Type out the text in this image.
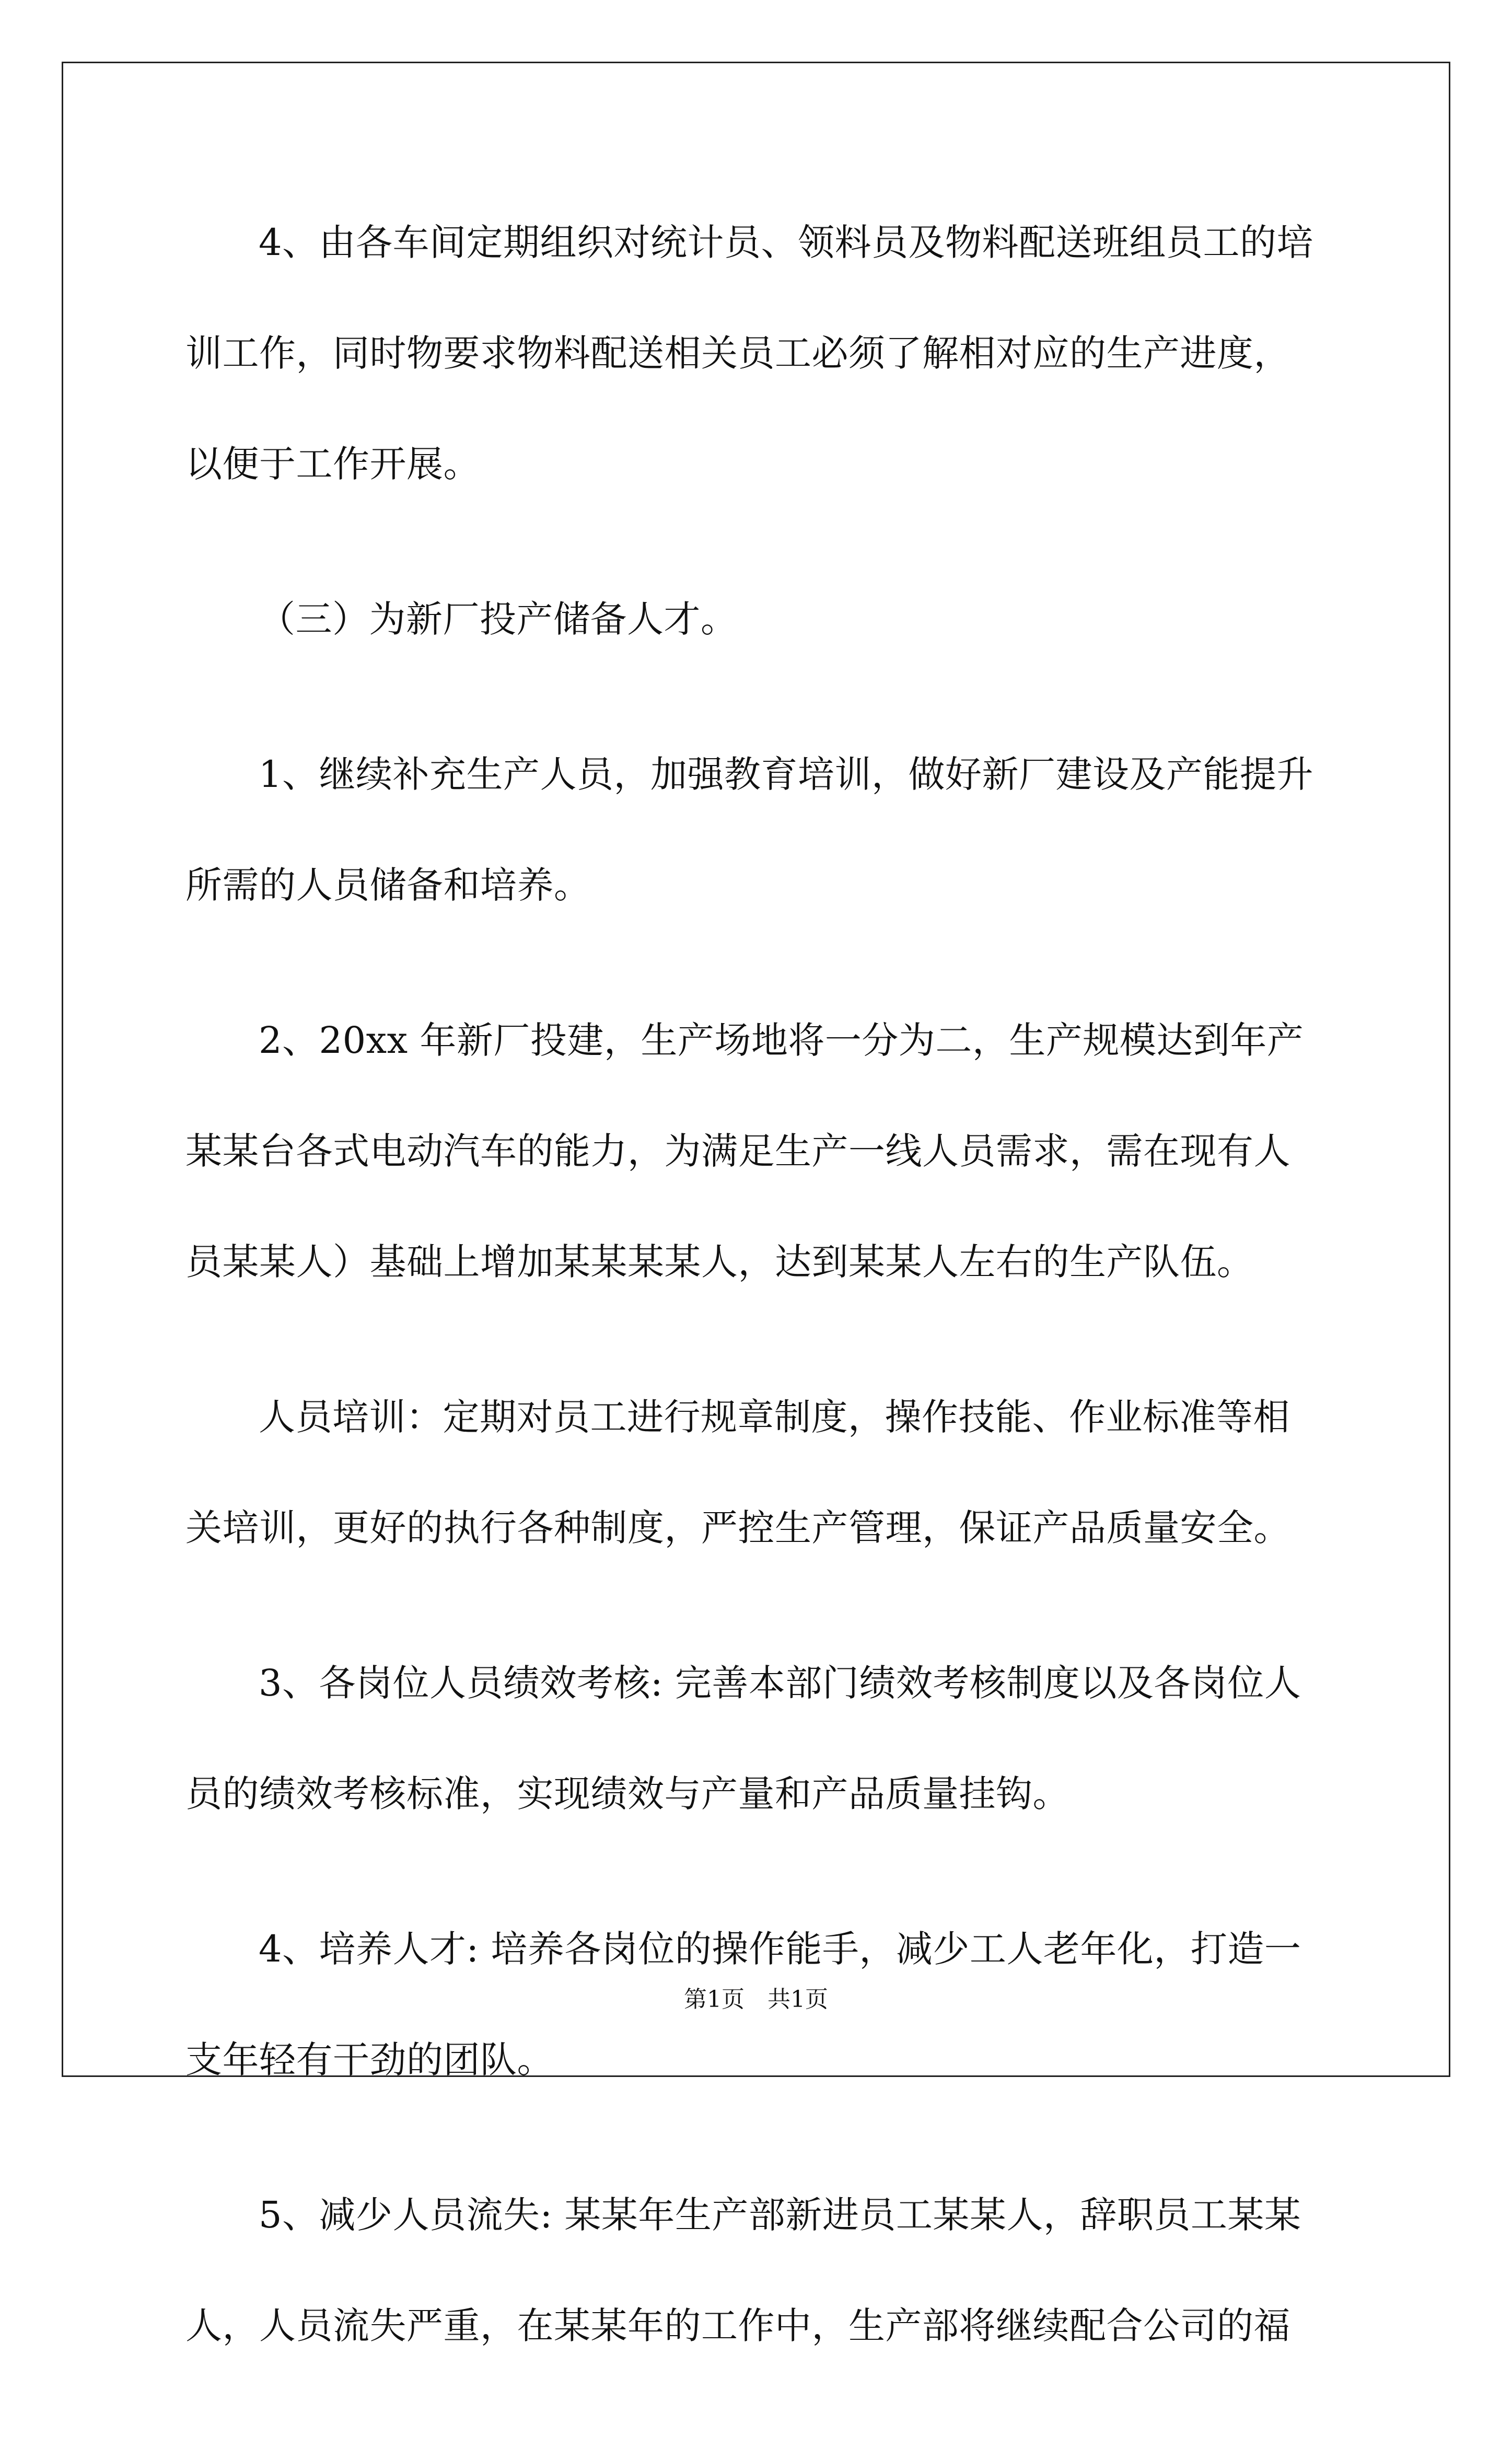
4、由各车间定期组织对统计员、领料员及物料配送班组员工的培
训工作，同时物要求物料配送相关员工必须了解相对应的生产进度，
以便于工作开展。
（三）为新厂投产储备人才。
1、继续补充生产人员，加强教育培训，做好新厂建设及产能提升
所需的人员储备和培养。
2、20xx 年新厂投建，生产场地将一分为二，生产规模达到年产
某某台各式电动汽车的能力，为满足生产一线人员需求，需在现有人
员某某人）基础上增加某某某某人，达到某某人左右的生产队伍。
人员培训：定期对员工进行规章制度，操作技能、作业标准等相
关培训，更好的执行各种制度，严控生产管理，保证产品质量安全。
3、各岗位人员绩效考核: 完善本部门绩效考核制度以及各岗位人
员的绩效考核标准，实现绩效与产量和产品质量挂钩。
4、培养人才: 培养各岗位的操作能手，减少工人老年化，打造一
支年轻有干劲的团队。
5、减少人员流失: 某某年生产部新进员工某某人，辞职员工某某
人，人员流失严重，在某某年的工作中，生产部将继续配合公司的福
第1页　共1页
